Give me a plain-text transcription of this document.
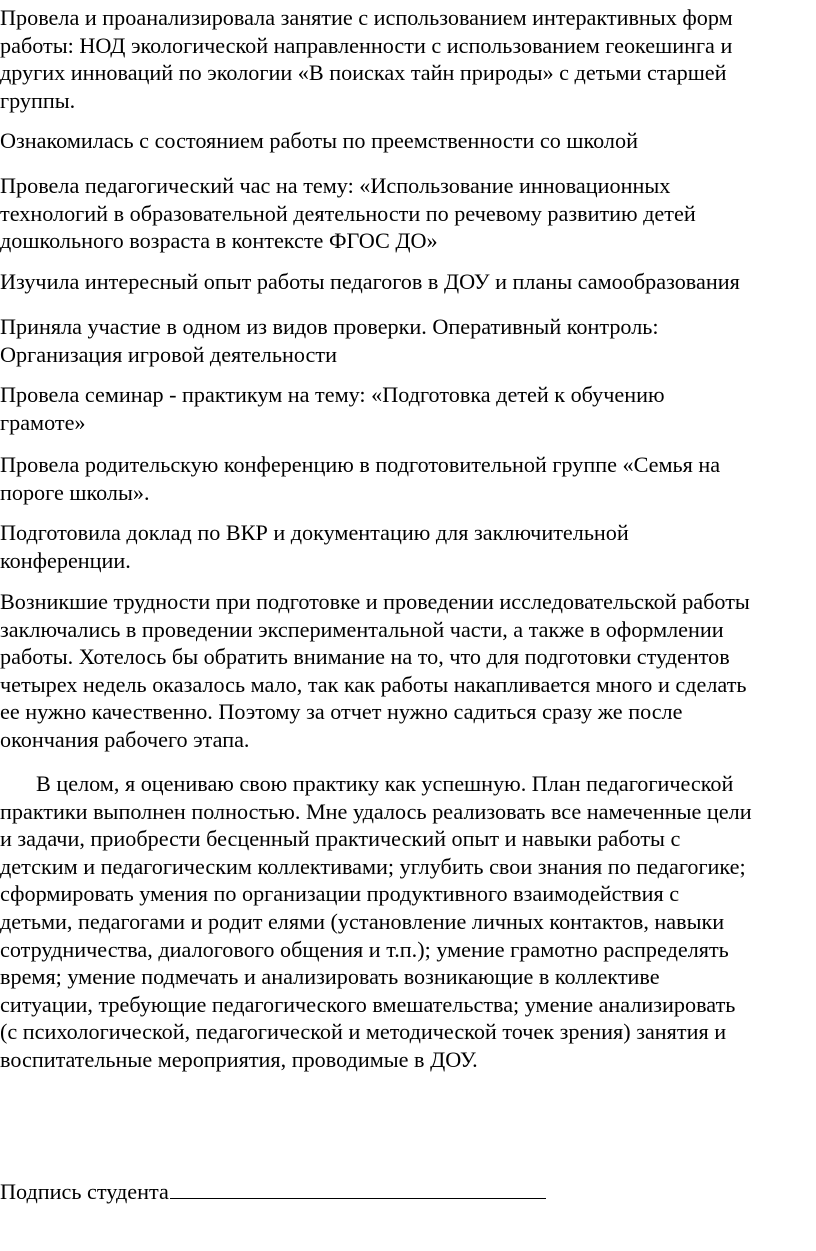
Провела и проанализировала занятие с использованием интерактивных форм
работы: НОД экологической направленности с использованием геокешинга и
других инноваций по экологии «В поисках тайн природы» с детьми старшей
группы.
Ознакомилась с состоянием работы по преемственности со школой
Провела педагогический час на тему: «Использование инновационных
технологий в образовательной деятельности по речевому развитию детей
дошкольного возраста в контексте ФГОС ДО»
Изучила интересный опыт работы педагогов в ДОУ и планы самообразования
Приняла участие в одном из видов проверки. Оперативный контроль:
Организация игровой деятельности
Провела семинар - практикум на тему: «Подготовка детей к обучению
грамоте»
Провела родительскую конференцию в подготовительной группе «Семья на
пороге школы».
Подготовила доклад по ВКР и документацию для заключительной
конференции.
Возникшие трудности при подготовке и проведении исследовательской работы
заключались в проведении экспериментальной части, а также в оформлении
работы. Хотелось бы обратить внимание на то, что для подготовки студентов
четырех недель оказалось мало, так как работы накапливается много и сделать
ее нужно качественно. Поэтому за отчет нужно садиться сразу же после
окончания рабочего этапа.
В целом, я оцениваю свою практику как успешную. План педагогической
практики выполнен полностью. Мне удалось реализовать все намеченные цели
и задачи, приобрести бесценный практический опыт и навыки работы с
детским и педагогическим коллективами; углубить свои знания по педагогике;
сформировать умения по организации продуктивного взаимодействия с
детьми, педагогами и родит елями (установление личных контактов, навыки
сотрудничества, диалогового общения и т.п.); умение грамотно распределять
время; умение подмечать и анализировать возникающие в коллективе
ситуации, требующие педагогического вмешательства; умение анализировать
(с психологической, педагогической и методической точек зрения) занятия и
воспитательные мероприятия, проводимые в ДОУ.
Подпись студента
